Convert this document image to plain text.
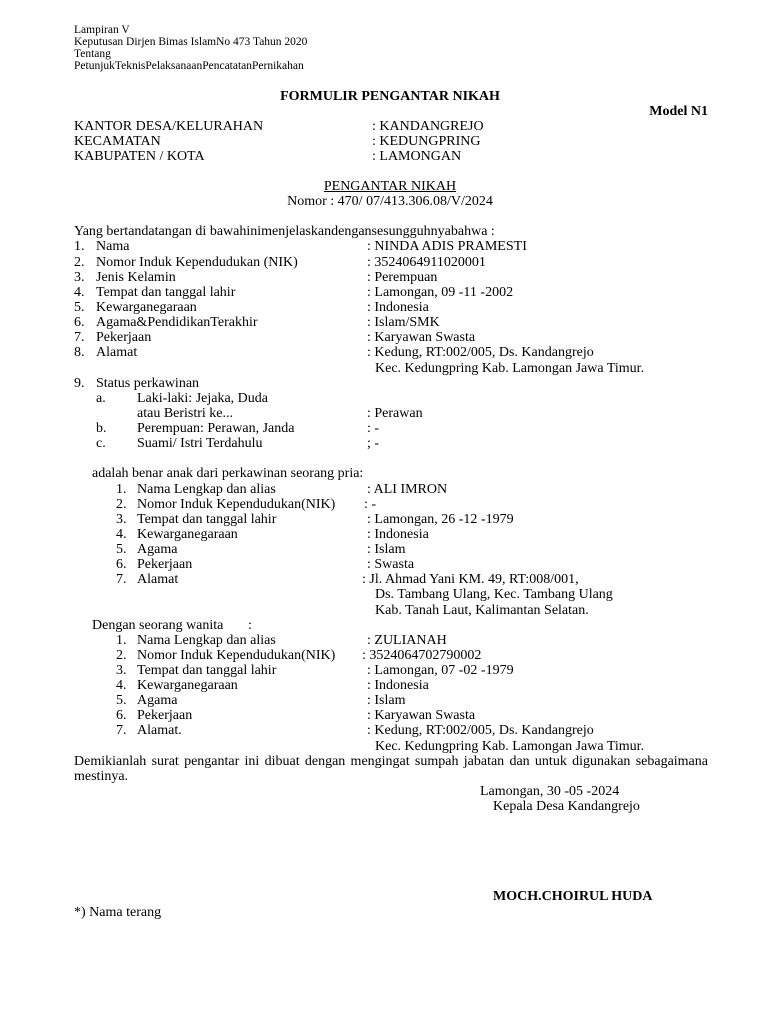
Lampiran V
Keputusan Dirjen Bimas IslamNo 473 Tahun 2020
Tentang
PetunjukTeknisPelaksanaanPencatatanPernikahan
FORMULIR PENGANTAR NIKAH
Model N1
KANTOR DESA/KELURAHAN	: KANDANGREJO
KECAMATAN	: KEDUNGPRING
KABUPATEN / KOTA	: LAMONGAN
PENGANTAR NIKAH
Nomor : 470/ 07/413.306.08/V/2024
Yang bertandatangan di bawahinimenjelaskandengansesungguhnyabahwa :
1. Nama	: NINDA ADIS PRAMESTI
2. Nomor Induk Kependudukan (NIK)	: 3524064911020001
3. Jenis Kelamin	: Perempuan
4. Tempat dan tanggal lahir	: Lamongan, 09 -11 -2002
5. Kewarganegaraan	: Indonesia
6. Agama&PendidikanTerakhir	: Islam/SMK
7. Pekerjaan	: Karyawan Swasta
8. Alamat	: Kedung, RT:002/005, Ds. Kandangrejo
Kec. Kedungpring Kab. Lamongan Jawa Timur.
9. Status perkawinan
a. Laki-laki: Jejaka, Duda
atau Beristri ke...	: Perawan
b. Perempuan: Perawan, Janda	: -
c. Suami/ Istri Terdahulu	; -
adalah benar anak dari perkawinan seorang pria:
1. Nama Lengkap dan alias	: ALI IMRON
2. Nomor Induk Kependudukan(NIK) : -
3. Tempat dan tanggal lahir	: Lamongan, 26 -12 -1979
4. Kewarganegaraan	: Indonesia
5. Agama	: Islam
6. Pekerjaan	: Swasta
7. Alamat	: Jl. Ahmad Yani KM. 49, RT:008/001,
Ds. Tambang Ulang, Kec. Tambang Ulang
Kab. Tanah Laut, Kalimantan Selatan.
Dengan seorang wanita :
1. Nama Lengkap dan alias	: ZULIANAH
2. Nomor Induk Kependudukan(NIK) : 3524064702790002
3. Tempat dan tanggal lahir	: Lamongan, 07 -02 -1979
4. Kewarganegaraan	: Indonesia
5. Agama	: Islam
6. Pekerjaan	: Karyawan Swasta
7. Alamat.	: Kedung, RT:002/005, Ds. Kandangrejo
Kec. Kedungpring Kab. Lamongan Jawa Timur.
Demikianlah surat pengantar ini dibuat dengan mengingat sumpah jabatan dan untuk digunakan sebagaimana mestinya.
Lamongan, 30 -05 -2024
Kepala Desa Kandangrejo
MOCH.CHOIRUL HUDA
*) Nama terang
